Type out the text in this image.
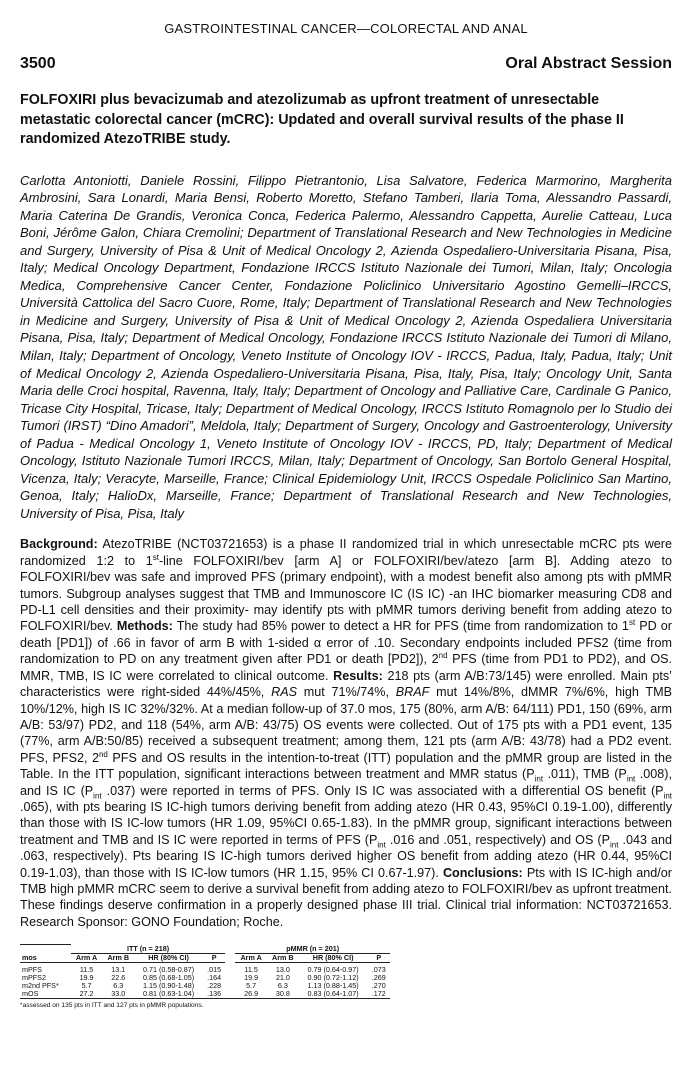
GASTROINTESTINAL CANCER—COLORECTAL AND ANAL
3500	Oral Abstract Session
FOLFOXIRI plus bevacizumab and atezolizumab as upfront treatment of unresectable metastatic colorectal cancer (mCRC): Updated and overall survival results of the phase II randomized AtezoTRIBE study.
Carlotta Antoniotti, Daniele Rossini, Filippo Pietrantonio, Lisa Salvatore, Federica Marmorino, Margherita Ambrosini, Sara Lonardi, Maria Bensi, Roberto Moretto, Stefano Tamberi, Ilaria Toma, Alessandro Passardi, Maria Caterina De Grandis, Veronica Conca, Federica Palermo, Alessandro Cappetta, Aurelie Catteau, Luca Boni, Jérôme Galon, Chiara Cremolini; Department of Translational Research and New Technologies in Medicine and Surgery, University of Pisa & Unit of Medical Oncology 2, Azienda Ospedaliero-Universitaria Pisana, Pisa, Italy; Medical Oncology Department, Fondazione IRCCS Istituto Nazionale dei Tumori, Milan, Italy; Oncologia Medica, Comprehensive Cancer Center, Fondazione Policlinico Universitario Agostino Gemelli–IRCCS, Università Cattolica del Sacro Cuore, Rome, Italy; Department of Translational Research and New Technologies in Medicine and Surgery, University of Pisa & Unit of Medical Oncology 2, Azienda Ospedaliera Universitaria Pisana, Pisa, Italy; Department of Medical Oncology, Fondazione IRCCS Istituto Nazionale dei Tumori di Milano, Milan, Italy; Department of Oncology, Veneto Institute of Oncology IOV - IRCCS, Padua, Italy, Padua, Italy; Unit of Medical Oncology 2, Azienda Ospedaliero-Universitaria Pisana, Pisa, Italy, Pisa, Italy; Oncology Unit, Santa Maria delle Croci hospital, Ravenna, Italy, Italy; Department of Oncology and Palliative Care, Cardinale G Panico, Tricase City Hospital, Tricase, Italy; Department of Medical Oncology, IRCCS Istituto Romagnolo per lo Studio dei Tumori (IRST) “Dino Amadori”, Meldola, Italy; Department of Surgery, Oncology and Gastroenterology, University of Padua - Medical Oncology 1, Veneto Institute of Oncology IOV - IRCCS, PD, Italy; Department of Medical Oncology, Istituto Nazionale Tumori IRCCS, Milan, Italy; Department of Oncology, San Bortolo General Hospital, Vicenza, Italy; Veracyte, Marseille, France; Clinical Epidemiology Unit, IRCCS Ospedale Policlinico San Martino, Genoa, Italy; HalioDx, Marseille, France; Department of Translational Research and New Technologies, University of Pisa, Pisa, Italy
Background: AtezoTRIBE (NCT03721653) is a phase II randomized trial in which unresectable mCRC pts were randomized 1:2 to 1st-line FOLFOXIRI/bev [arm A] or FOLFOXIRI/bev/atezo [arm B]. Adding atezo to FOLFOXIRI/bev was safe and improved PFS (primary endpoint), with a modest benefit also among pts with pMMR tumors. Subgroup analyses suggest that TMB and Immunoscore IC (IS IC) -an IHC biomarker measuring CD8 and PD-L1 cell densities and their proximity- may identify pts with pMMR tumors deriving benefit from adding atezo to FOLFOXIRI/bev. Methods: The study had 85% power to detect a HR for PFS (time from randomization to 1st PD or death [PD1]) of .66 in favor of arm B with 1-sided α error of .10. Secondary endpoints included PFS2 (time from randomization to PD on any treatment given after PD1 or death [PD2]), 2nd PFS (time from PD1 to PD2), and OS. MMR, TMB, IS IC were correlated to clinical outcome. Results: 218 pts (arm A/B:73/145) were enrolled. Main pts’ characteristics were right-sided 44%/45%, RAS mut 71%/74%, BRAF mut 14%/8%, dMMR 7%/6%, high TMB 10%/12%, high IS IC 32%/32%. At a median follow-up of 37.0 mos, 175 (80%, arm A/B: 64/111) PD1, 150 (69%, arm A/B: 53/97) PD2, and 118 (54%, arm A/B: 43/75) OS events were collected. Out of 175 pts with a PD1 event, 135 (77%, arm A/B:50/85) received a subsequent treatment; among them, 121 pts (arm A/B: 43/78) had a PD2 event. PFS, PFS2, 2nd PFS and OS results in the intention-to-treat (ITT) population and the pMMR group are listed in the Table. In the ITT population, significant interactions between treatment and MMR status ($P_{int}$ .011), TMB ($P_{int}$ .008), and IS IC ($P_{int}$ .037) were reported in terms of PFS. Only IS IC was associated with a differential OS benefit ($P_{int}$ .065), with pts bearing IS IC-high tumors deriving benefit from adding atezo (HR 0.43, 95%CI 0.19-1.00), differently than those with IS IC-low tumors (HR 1.09, 95%CI 0.65-1.83). In the pMMR group, significant interactions between treatment and TMB and IS IC were reported in terms of PFS ($P_{int}$ .016 and .051, respectively) and OS ($P_{int}$ .043 and .063, respectively). Pts bearing IS IC-high tumors derived higher OS benefit from adding atezo (HR 0.44, 95%CI 0.19-1.03), than those with IS IC-low tumors (HR 1.15, 95% CI 0.67-1.97). Conclusions: Pts with IS IC-high and/or TMB high pMMR mCRC seem to derive a survival benefit from adding atezo to FOLFOXIRI/bev as upfront treatment. These findings deserve confirmation in a properly designed phase III trial. Clinical trial information: NCT03721653. Research Sponsor: GONO Foundation; Roche.
	ITT (n = 218)					pMMR (n = 201)			
mos	Arm A	Arm B	HR (80% CI)	P		Arm A	Arm B	HR (80% CI)	P

mPFS	11.5	13.1	0.71 (0.58-0.87)	.015		11.5	13.0	0.79 (0.64-0.97)	.073
mPFS2	19.9	22.6	0.85 (0.68-1.05)	.164		19.9	21.0	0.90 (0.72-1.12)	.269
m2nd PFS*	5.7	6.3	1.15 (0.90-1.48)	.228		5.7	6.3	1.13 (0.88-1.45)	.270
mOS	27.2	33.0	0.81 (0.63-1.04)	.136		26.9	30.8	0.83 (0.64-1.07)	.172
*assessed on 135 pts in ITT and 127 pts in pMMR populations.
